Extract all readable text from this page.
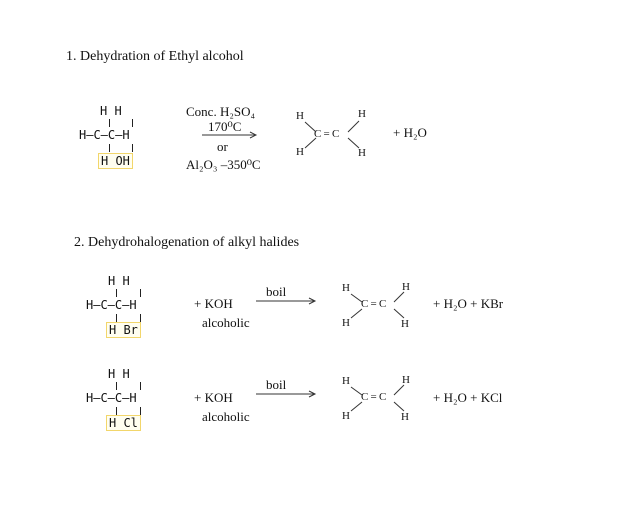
1. Dehydration of Ethyl alcohol
H H
H–C–C–H
H OH
Conc. H₂SO₄
170⁰C
or
Al₂O₃ –350⁰C
H	H
C = C
H	H
+ H₂O
2. Dehydrohalogenation of alkyl halides
H H
H–C–C–H
H Br
+ KOH
alcoholic
boil	H	H
C = C
H	H
+ H₂O + KBr
H H
H–C–C–H
H Cl
+ KOH
alcoholic
boil	H	H
C = C
H	H
+ H₂O + KCl
